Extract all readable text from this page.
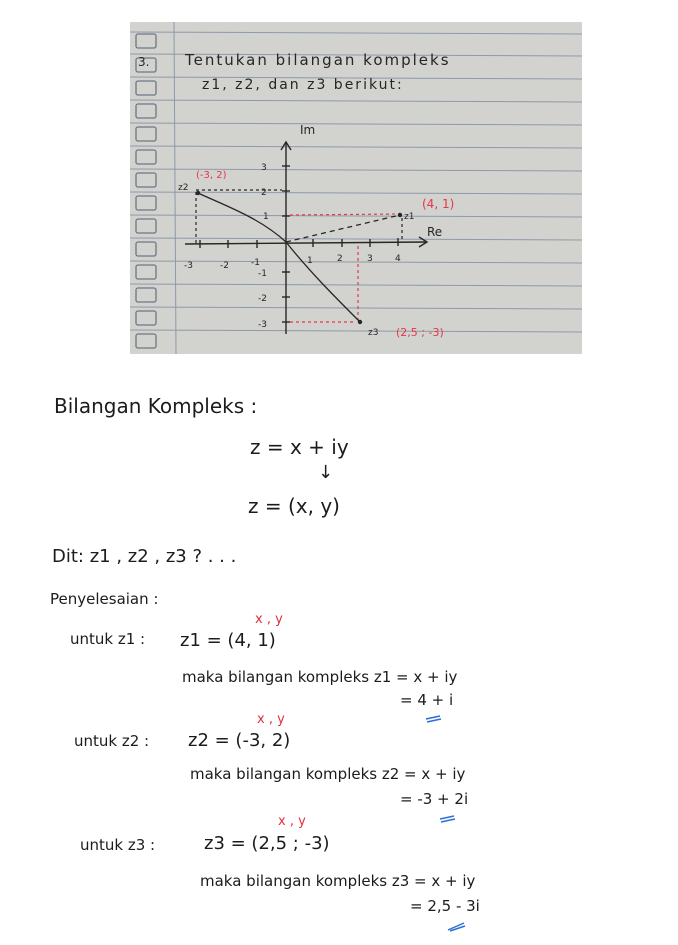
3. Tentukan bilangan kompleks
z1, z2, dan z3 berikut:
Im
Re
-3	-2 -1	1	2	3 4
3
2
1
-1
-2
-3
z1
(4, 1)
z2
(-3, 2)
z3 (2,5 ; -3)
Bilangan Kompleks :
z = x + iy
↓
z = (x, y)
Dit: z1 , z2 , z3 ? . . .
Penyelesaian :
untuk z1 :
x , y
z1 = (4, 1)
maka bilangan kompleks z1 = x + iy
= 4 + i
untuk z2 :
x , y
z2 = (-3, 2)
maka bilangan kompleks z2 = x + iy
= -3 + 2i
untuk z3 :
x , y
z3 = (2,5 ; -3)
maka bilangan kompleks z3 = x + iy
= 2,5 - 3i
